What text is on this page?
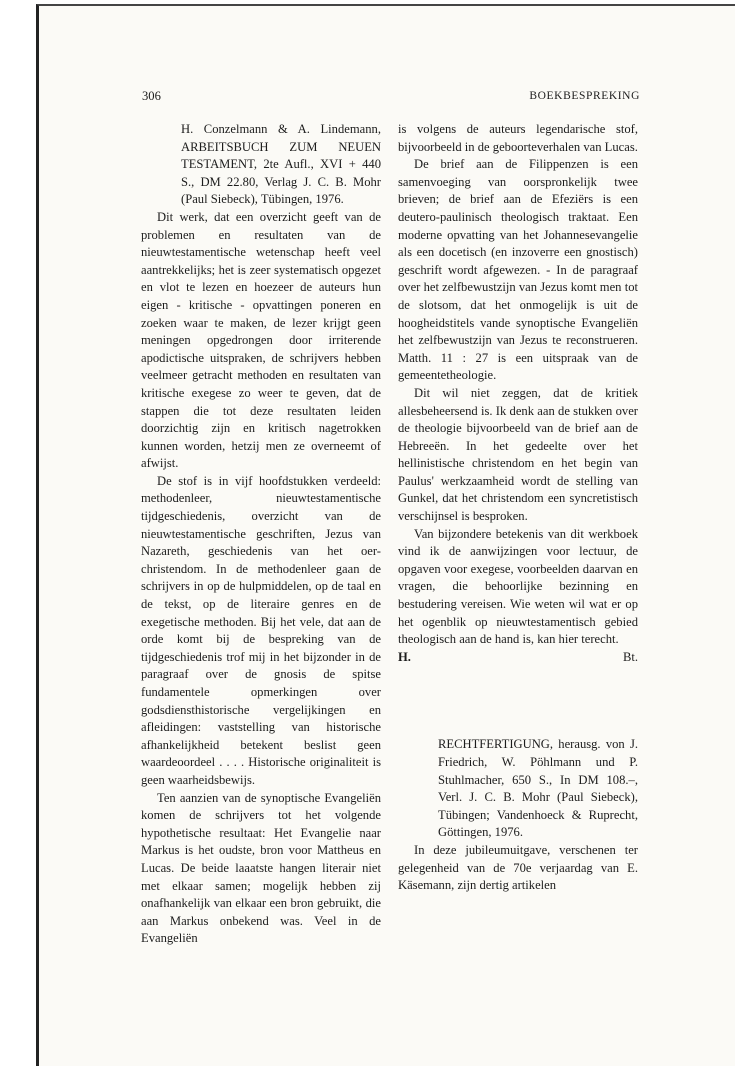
306	BOEKBESPREKING

H. Conzelmann & A. Lindemann, ARBEITSBUCH ZUM NEUEN TESTAMENT, 2te Aufl., XVI + 440 S., DM 22.80, Verlag J. C. B. Mohr (Paul Siebeck), Tübingen, 1976.

Dit werk, dat een overzicht geeft van de problemen en resultaten van de nieuwtestamentische wetenschap heeft veel aantrekkelijks; het is zeer systematisch opgezet en vlot te lezen en hoezeer de auteurs hun eigen - kritische - opvattingen poneren en zoeken waar te maken, de lezer krijgt geen meningen opgedrongen door irriterende apodictische uitspraken, de schrijvers hebben veelmeer getracht methoden en resultaten van kritische exegese zo weer te geven, dat de stappen die tot deze resultaten leiden doorzichtig zijn en kritisch nagetrokken kunnen worden, hetzij men ze overneemt of afwijst.

De stof is in vijf hoofdstukken verdeeld: methodenleer, nieuwtestamentische tijdgeschiedenis, overzicht van de nieuwtestamentische geschriften, Jezus van Nazareth, geschiedenis van het oer-christendom. In de methodenleer gaan de schrijvers in op de hulpmiddelen, op de taal en de tekst, op de literaire genres en de exegetische methoden. Bij het vele, dat aan de orde komt bij de bespreking van de tijdgeschiedenis trof mij in het bijzonder in de paragraaf over de gnosis de spitse fundamentele opmerkingen over godsdiensthistorische vergelijkingen en afleidingen: vaststelling van historische afhankelijkheid betekent beslist geen waardeoordeel . . . . Historische originaliteit is geen waarheidsbewijs.

Ten aanzien van de synoptische Evangeliën komen de schrijvers tot het volgende hypothetische resultaat: Het Evangelie naar Markus is het oudste, bron voor Mattheus en Lucas. De beide laaatste hangen literair niet met elkaar samen; mogelijk hebben zij onafhankelijk van elkaar een bron gebruikt, die aan Markus onbekend was. Veel in de Evangeliën

is volgens de auteurs legendarische stof, bijvoorbeeld in de geboorteverhalen van Lucas.

De brief aan de Filippenzen is een samenvoeging van oorspronkelijk twee brieven; de brief aan de Efeziërs is een deutero-paulinisch theologisch traktaat. Een moderne opvatting van het Johannesevangelie als een docetisch (en inzoverre een gnostisch) geschrift wordt afgewezen. - In de paragraaf over het zelfbewustzijn van Jezus komt men tot de slotsom, dat het onmogelijk is uit de hoogheidstitels vande synoptische Evangeliën het zelfbewustzijn van Jezus te reconstrueren. Matth. 11 : 27 is een uitspraak van de gemeentetheologie.

Dit wil niet zeggen, dat de kritiek allesbeheersend is. Ik denk aan de stukken over de theologie bijvoorbeeld van de brief aan de Hebreeën. In het gedeelte over het hellinistische christendom en het begin van Paulus' werkzaamheid wordt de stelling van Gunkel, dat het christendom een syncretistisch verschijnsel is besproken.

Van bijzondere betekenis van dit werkboek vind ik de aanwijzingen voor lectuur, de opgaven voor exegese, voorbeelden daarvan en vragen, die behoorlijke bezinning en bestudering vereisen. Wie weten wil wat er op het ogenblik op nieuwtestamentisch gebied theologisch aan de hand is, kan hier terecht.

H.	Bt.

RECHTFERTIGUNG, herausg. von J. Friedrich, W. Pöhlmann und P. Stuhlmacher, 650 S., In DM 108.–, Verl. J. C. B. Mohr (Paul Siebeck), Tübingen; Vandenhoeck & Ruprecht, Göttingen, 1976.

In deze jubileumuitgave, verschenen ter gelegenheid van de 70e verjaardag van E. Käsemann, zijn dertig artikelen
